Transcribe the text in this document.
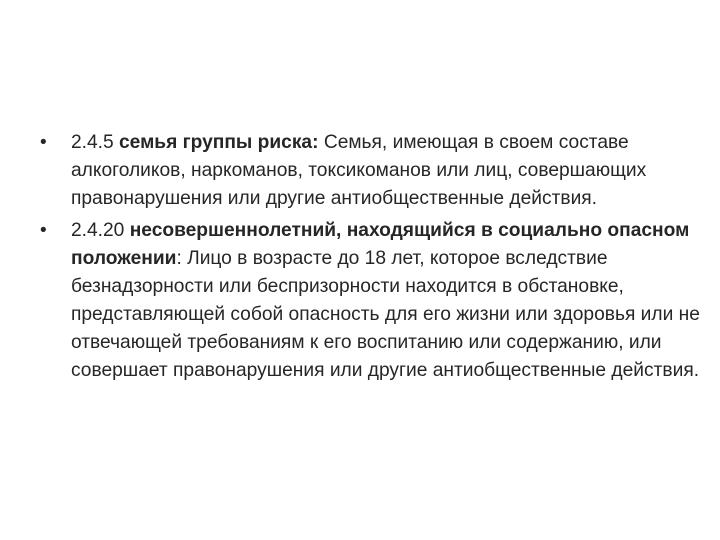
•	2.4.5 семья группы риска: Семья, имеющая в своем составе алкоголиков, наркоманов, токсикоманов или лиц, совершающих правонарушения или другие антиобщественные действия.
•	2.4.20 несовершеннолетний, находящийся в социально опасном положении: Лицо в возрасте до 18 лет, которое вследствие безнадзорности или беспризорности находится в обстановке, представляющей собой опасность для его жизни или здоровья или не отвечающей требованиям к его воспитанию или содержанию, или совершает правонарушения или другие антиобщественные действия.
